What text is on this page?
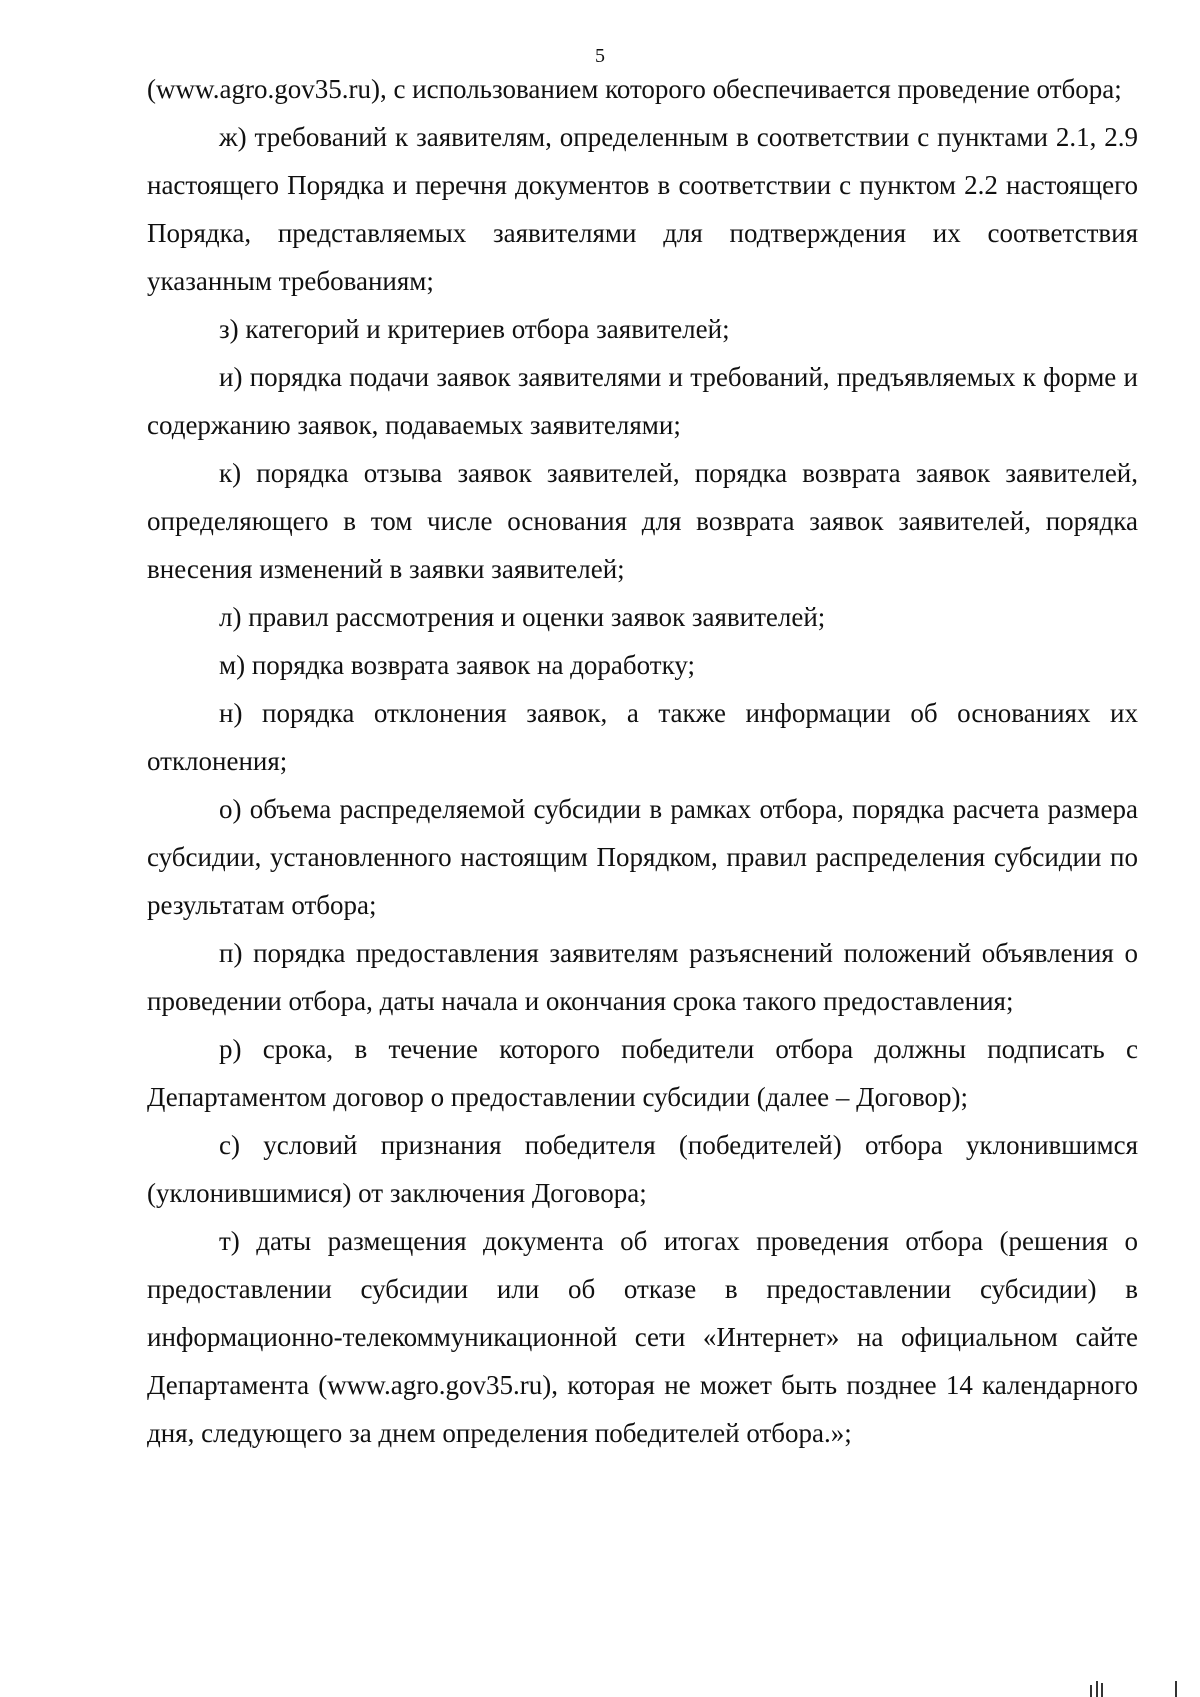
5

(www.agro.gov35.ru), с использованием которого обеспечивается проведение отбора;

ж) требований к заявителям, определенным в соответствии с пунктами 2.1, 2.9 настоящего Порядка и перечня документов в соответствии с пунктом 2.2 настоящего Порядка, представляемых заявителями для подтверждения их соответствия указанным требованиям;

з) категорий и критериев отбора заявителей;

и) порядка подачи заявок заявителями и требований, предъявляемых к форме и содержанию заявок, подаваемых заявителями;

к) порядка отзыва заявок заявителей, порядка возврата заявок заявителей, определяющего в том числе основания для возврата заявок заявителей, порядка внесения изменений в заявки заявителей;

л) правил рассмотрения и оценки заявок заявителей;

м) порядка возврата заявок на доработку;

н) порядка отклонения заявок, а также информации об основаниях их отклонения;

о) объема распределяемой субсидии в рамках отбора, порядка расчета размера субсидии, установленного настоящим Порядком, правил распределения субсидии по результатам отбора;

п) порядка предоставления заявителям разъяснений положений объявления о проведении отбора, даты начала и окончания срока такого предоставления;

р) срока, в течение которого победители отбора должны подписать с Департаментом договор о предоставлении субсидии (далее – Договор);

с) условий признания победителя (победителей) отбора уклонившимся (уклонившимися) от заключения Договора;

т) даты размещения документа об итогах проведения отбора (решения о предоставлении субсидии или об отказе в предоставлении субсидии) в информационно-телекоммуникационной сети «Интернет» на официальном сайте Департамента (www.agro.gov35.ru), которая не может быть позднее 14 календарного дня, следующего за днем определения победителей отбора.»;
